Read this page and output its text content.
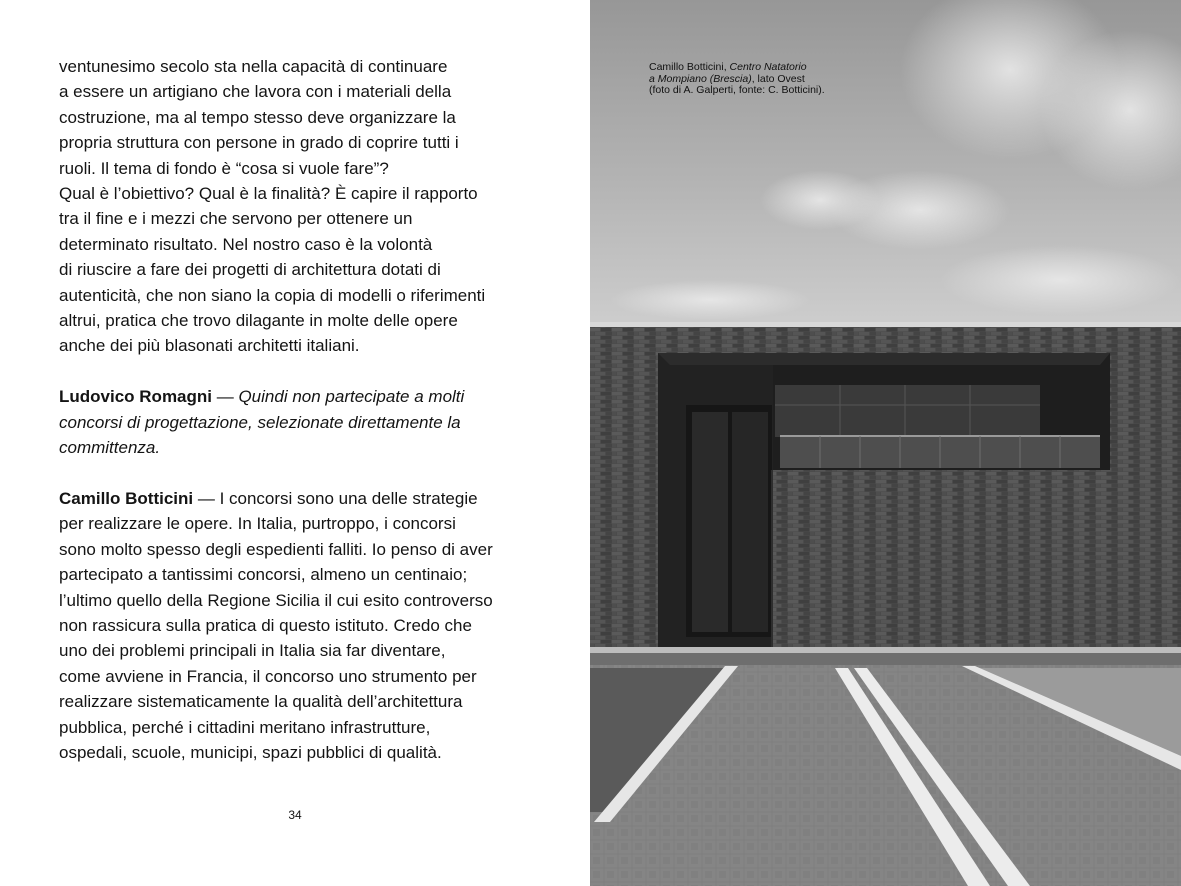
ventunesimo secolo sta nella capacità di continuare
a essere un artigiano che lavora con i materiali della
costruzione, ma al tempo stesso deve organizzare la
propria struttura con persone in grado di coprire tutti i
ruoli. Il tema di fondo è “cosa si vuole fare”?
Qual è l’obiettivo? Qual è la finalità? È capire il rapporto
tra il fine e i mezzi che servono per ottenere un
determinato risultato. Nel nostro caso è la volontà
di riuscire a fare dei progetti di architettura dotati di
autenticità, che non siano la copia di modelli o riferimenti
altrui, pratica che trovo dilagante in molte delle opere
anche dei più blasonati architetti italiani.
Ludovico Romagni — Quindi non partecipate a molti
concorsi di progettazione, selezionate direttamente la
committenza.
Camillo Botticini — I concorsi sono una delle strategie
per realizzare le opere. In Italia, purtroppo, i concorsi
sono molto spesso degli espedienti falliti. Io penso di aver
partecipato a tantissimi concorsi, almeno un centinaio;
l’ultimo quello della Regione Sicilia il cui esito controverso
non rassicura sulla pratica di questo istituto. Credo che
uno dei problemi principali in Italia sia far diventare,
come avviene in Francia, il concorso uno strumento per
realizzare sistematicamente la qualità dell’architettura
pubblica, perché i cittadini meritano infrastrutture,
ospedali, scuole, municipi, spazi pubblici di qualità.
34
Camillo Botticini, Centro Natatorio
a Mompiano (Brescia), lato Ovest
(foto di A. Galperti, fonte: C. Botticini).
